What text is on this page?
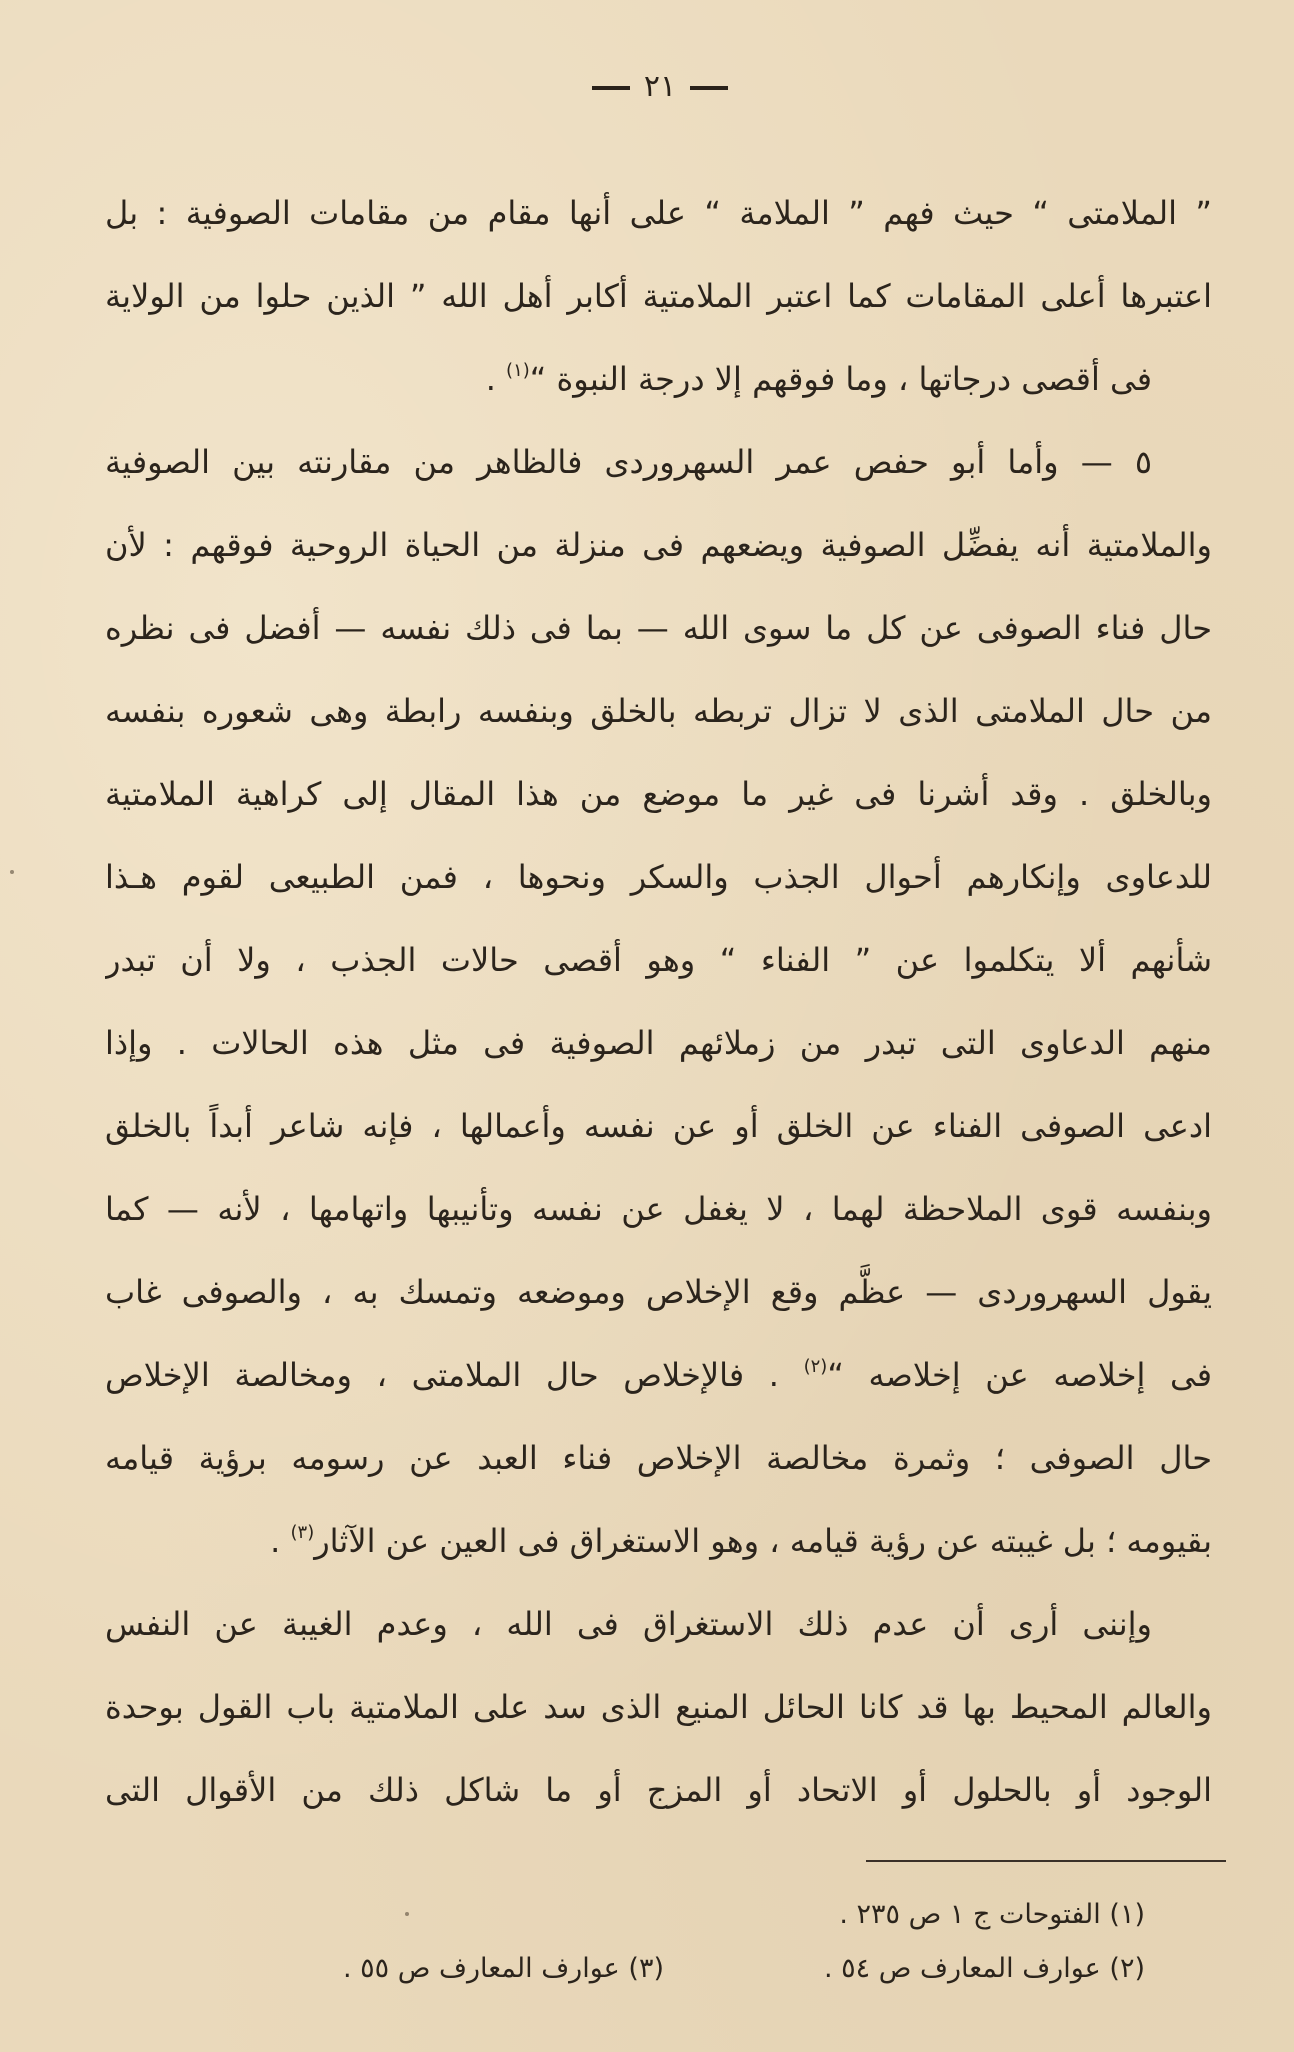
٢١
” الملامتى “ حيث فهم ” الملامة “ على أنها مقام من مقامات الصوفية : بل
اعتبرها أعلى المقامات كما اعتبر الملامتية أكابر أهل الله ” الذين حلوا من الولاية
فى أقصى درجاتها ، وما فوقهم إلا درجة النبوة “$^{(١)}$ .
٥ — وأما أبو حفص عمر السهروردى فالظاهر من مقارنته بين الصوفية
والملامتية أنه يفضِّل الصوفية ويضعهم فى منزلة من الحياة الروحية فوقهم : لأن
حال فناء الصوفى عن كل ما سوى الله — بما فى ذلك نفسه — أفضل فى نظره
من حال الملامتى الذى لا تزال تربطه بالخلق وبنفسه رابطة وهى شعوره بنفسه
وبالخلق . وقد أشرنا فى غير ما موضع من هذا المقال إلى كراهية الملامتية
للدعاوى وإنكارهم أحوال الجذب والسكر ونحوها ، فمن الطبيعى لقوم هـذا
شأنهم ألا يتكلموا عن ” الفناء “ وهو أقصى حالات الجذب ، ولا أن تبدر
منهم الدعاوى التى تبدر من زملائهم الصوفية فى مثل هذه الحالات . وإذا
ادعى الصوفى الفناء عن الخلق أو عن نفسه وأعمالها ، فإنه شاعر أبداً بالخلق
وبنفسه قوى الملاحظة لهما ، لا يغفل عن نفسه وتأنيبها واتهامها ، لأنه — كما
يقول السهروردى — عظَّم وقع الإخلاص وموضعه وتمسك به ، والصوفى غاب
فى إخلاصه عن إخلاصه “$^{(٢)}$ . فالإخلاص حال الملامتى ، ومخالصة الإخلاص
حال الصوفى ؛ وثمرة مخالصة الإخلاص فناء العبد عن رسومه برؤية قيامه
بقيومه ؛ بل غيبته عن رؤية قيامه ، وهو الاستغراق فى العين عن الآثار$^{(٣)}$ .
وإننى أرى أن عدم ذلك الاستغراق فى الله ، وعدم الغيبة عن النفس
والعالم المحيط بها قد كانا الحائل المنيع الذى سد على الملامتية باب القول بوحدة
الوجود أو بالحلول أو الاتحاد أو المزج أو ما شاكل ذلك من الأقوال التى
(١) الفتوحات ج ١ ص ٢٣٥ .
(٢) عوارف المعارف ص ٥٤ .
(٣) عوارف المعارف ص ٥٥ .
